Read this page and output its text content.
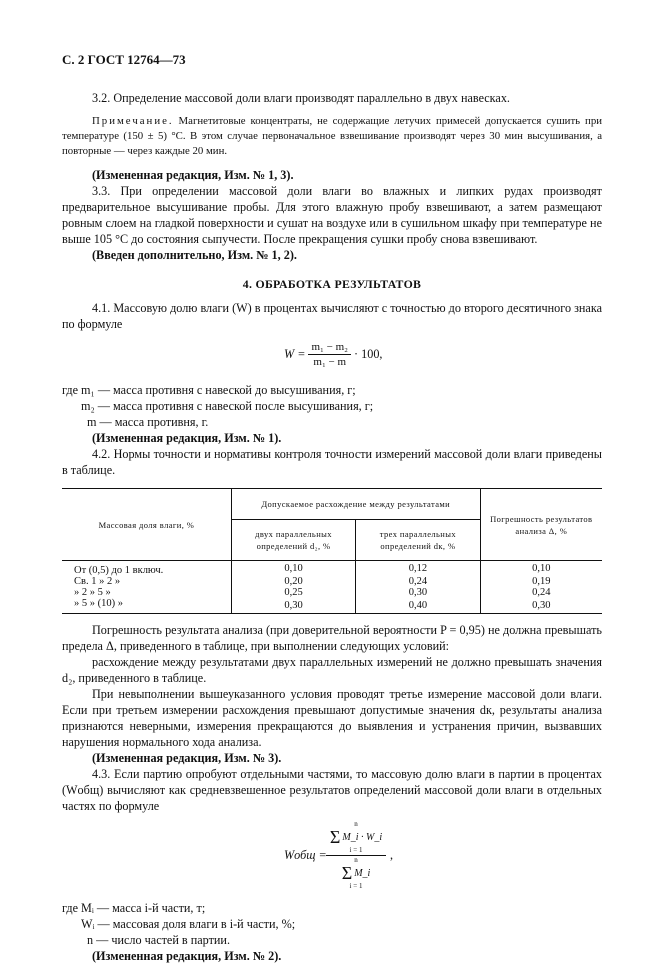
С. 2 ГОСТ 12764—73

3.2. Определение массовой доли влаги производят параллельно в двух навесках.

Примечание. Магнетитовые концентраты, не содержащие летучих примесей допускается сушить при температуре (150 ± 5) °С. В этом случае первоначальное взвешивание производят через 30 мин высушивания, а повторные — через каждые 20 мин.

(Измененная редакция, Изм. № 1, 3).

3.3. При определении массовой доли влаги во влажных и липких рудах производят предварительное высушивание пробы. Для этого влажную пробу взвешивают, а затем размещают ровным слоем на гладкой поверхности и сушат на воздухе или в сушильном шкафу при температуре не выше 105 °С до состояния сыпучести. После прекращения сушки пробу снова взвешивают.

(Введен дополнительно, Изм. № 1, 2).

4. ОБРАБОТКА РЕЗУЛЬТАТОВ

4.1. Массовую долю влаги (W) в процентах вычисляют с точностью до второго десятичного знака по формуле

$W = \frac{\text{m₁ − m₂}}{\text{m₁ − m}} \cdot 100$,

где m₁ — масса противня с навеской до высушивания, г;

m₂ — масса противня с навеской после высушивания, г;

m — масса противня, г.

(Измененная редакция, Изм. № 1).

4.2. Нормы точности и нормативы контроля точности измерений массовой доли влаги приведены в таблице.

Массовая доля влаги, %	Допускаемое расхождение между результатами		Погрешность результатов анализа Δ, %
	двух параллельных определений d₂, %	трех параллельных определений dк, %	
От (0,5) до 1 включ.	0,10	0,12	0,10
Св. 1 » 2 »	0,20	0,24	0,19
» 2 » 5 »	0,25	0,30	0,24
» 5 » (10) »	0,30	0,40	0,30

Погрешность результата анализа (при доверительной вероятности P = 0,95) не должна превышать предела Δ, приведенного в таблице, при выполнении следующих условий:

расхождение между результатами двух параллельных измерений не должно превышать значения d₂, приведенного в таблице.

При невыполнении вышеуказанного условия проводят третье измерение массовой доли влаги. Если при третьем измерении расхождения превышают допустимые значения dк, результаты анализа признаются неверными, измерения прекращаются до выявления и устранения причин, вызвавших нарушения нормального хода анализа.

(Измененная редакция, Изм. № 3).

4.3. Если партию опробуют отдельными частями, то массовую долю влаги в партии в процентах (Wобщ) вычисляют как средневзвешенное результатов определений массовой доли влаги в отдельных частях по формуле

Wобщ =
n
Σ M_i · W_i
i = 1
n
Σ M_i
i = 1
,

где Mᵢ — масса i-й части, т;

Wᵢ — массовая доля влаги в i-й части, %;

n — число частей в партии.

(Измененная редакция, Изм. № 2).
